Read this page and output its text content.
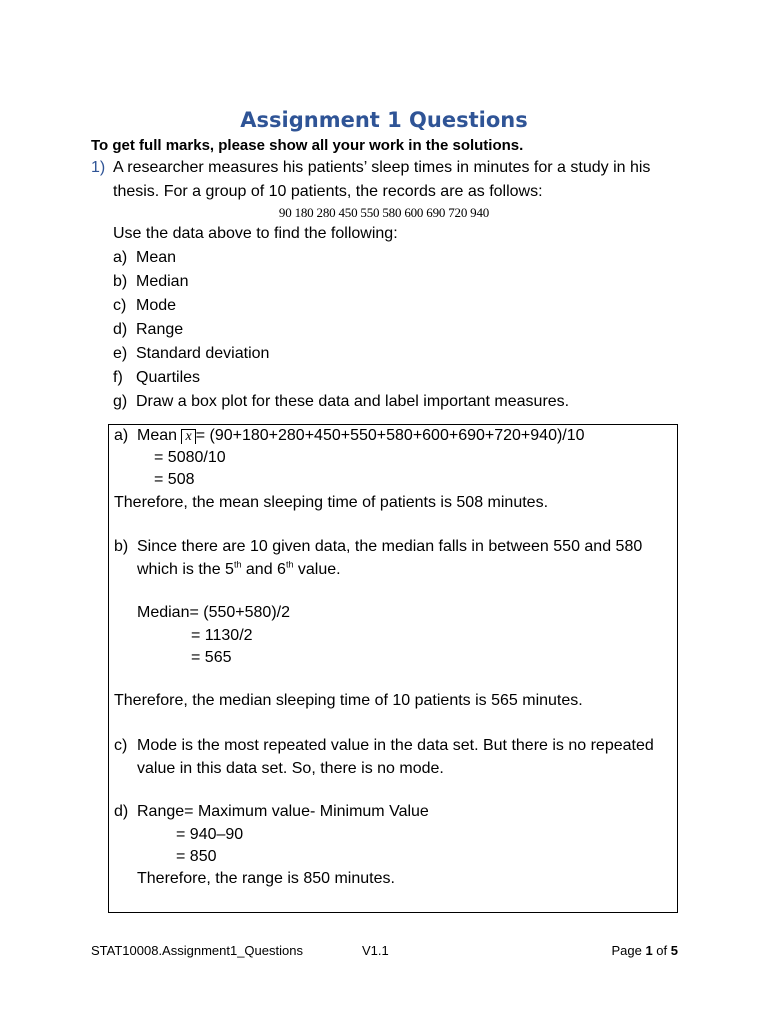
Assignment 1 Questions
To get full marks, please show all your work in the solutions.
1) A researcher measures his patients’ sleep times in minutes for a study in his
thesis. For a group of 10 patients, the records are as follows:
90 180 280 450 550 580 600 690 720 940
Use the data above to find the following:
a) Mean
b) Median
c) Mode
d) Range
e) Standard deviation
f) Quartiles
g) Draw a box plot for these data and label important measures.
a) Mean x = (90+180+280+450+550+580+600+690+720+940)/10
= 5080/10
= 508
Therefore, the mean sleeping time of patients is 508 minutes.
b) Since there are 10 given data, the median falls in between 550 and 580
which is the 5th and 6th value.
Median= (550+580)/2
= 1130/2
= 565
Therefore, the median sleeping time of 10 patients is 565 minutes.
c) Mode is the most repeated value in the data set. But there is no repeated
value in this data set. So, there is no mode.
d) Range= Maximum value- Minimum Value
= 940–90
= 850
Therefore, the range is 850 minutes.
STAT10008.Assignment1_Questions	V1.1	Page 1 of 5
